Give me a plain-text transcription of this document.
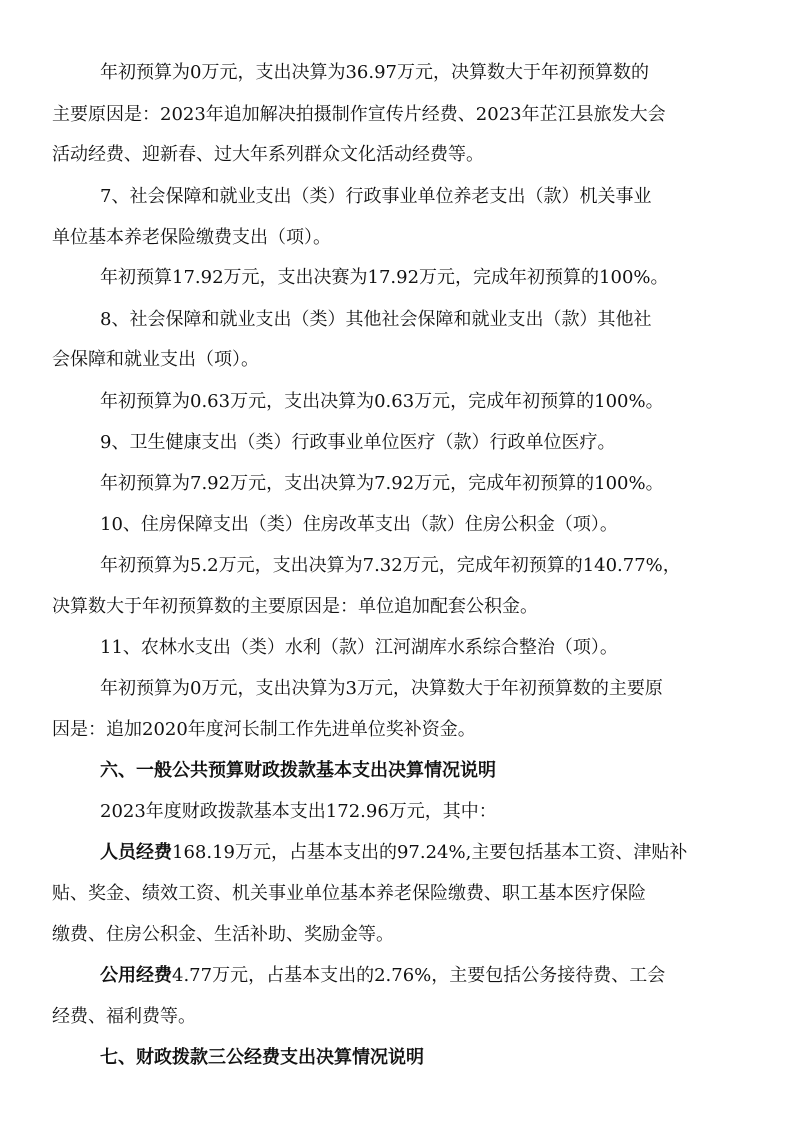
年初预算为0万元，支出决算为36.97万元，决算数大于年初预算数的
主要原因是：2023年追加解决拍摄制作宣传片经费、2023年芷江县旅发大会
活动经费、迎新春、过大年系列群众文化活动经费等。
7、社会保障和就业支出（类）行政事业单位养老支出（款）机关事业
单位基本养老保险缴费支出（项）。
年初预算17.92万元，支出决赛为17.92万元，完成年初预算的100%。
8、社会保障和就业支出（类）其他社会保障和就业支出（款）其他社
会保障和就业支出（项）。
年初预算为0.63万元，支出决算为0.63万元，完成年初预算的100%。
9、卫生健康支出（类）行政事业单位医疗（款）行政单位医疗。
年初预算为7.92万元，支出决算为7.92万元，完成年初预算的100%。
10、住房保障支出（类）住房改革支出（款）住房公积金（项）。
年初预算为5.2万元，支出决算为7.32万元，完成年初预算的140.77%，
决算数大于年初预算数的主要原因是：单位追加配套公积金。
11、农林水支出（类）水利（款）江河湖库水系综合整治（项）。
年初预算为0万元，支出决算为3万元，决算数大于年初预算数的主要原
因是：追加2020年度河长制工作先进单位奖补资金。
六、一般公共预算财政拨款基本支出决算情况说明
2023年度财政拨款基本支出172.96万元，其中：
人员经费168.19万元，占基本支出的97.24%,主要包括基本工资、津贴补
贴、奖金、绩效工资、机关事业单位基本养老保险缴费、职工基本医疗保险
缴费、住房公积金、生活补助、奖励金等。
公用经费4.77万元，占基本支出的2.76%，主要包括公务接待费、工会
经费、福利费等。
七、财政拨款三公经费支出决算情况说明
